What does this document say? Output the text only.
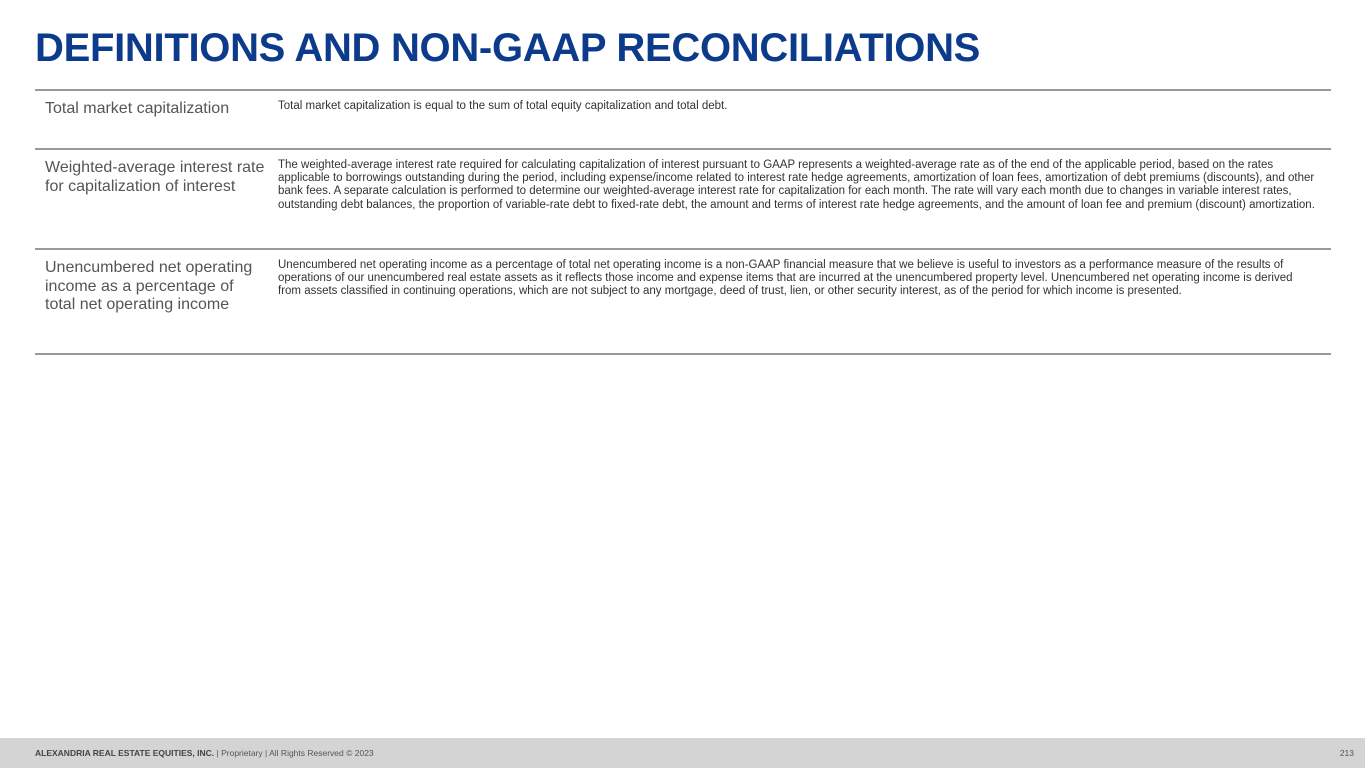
DEFINITIONS AND NON-GAAP RECONCILIATIONS
Total market capitalization	Total market capitalization is equal to the sum of total equity capitalization and total debt.
Weighted-average interest rate for capitalization of interest
The weighted-average interest rate required for calculating capitalization of interest pursuant to GAAP represents a weighted-average rate as of the end of the applicable period, based on the rates applicable to borrowings outstanding during the period, including expense/income related to interest rate hedge agreements, amortization of loan fees, amortization of debt premiums (discounts), and other bank fees. A separate calculation is performed to determine our weighted-average interest rate for capitalization for each month. The rate will vary each month due to changes in variable interest rates, outstanding debt balances, the proportion of variable-rate debt to fixed-rate debt, the amount and terms of interest rate hedge agreements, and the amount of loan fee and premium (discount) amortization.
Unencumbered net operating income as a percentage of total net operating income
Unencumbered net operating income as a percentage of total net operating income is a non-GAAP financial measure that we believe is useful to investors as a performance measure of the results of operations of our unencumbered real estate assets as it reflects those income and expense items that are incurred at the unencumbered property level. Unencumbered net operating income is derived from assets classified in continuing operations, which are not subject to any mortgage, deed of trust, lien, or other security interest, as of the period for which income is presented.
ALEXANDRIA REAL ESTATE EQUITIES, INC. | Proprietary | All Rights Reserved © 2023	213
